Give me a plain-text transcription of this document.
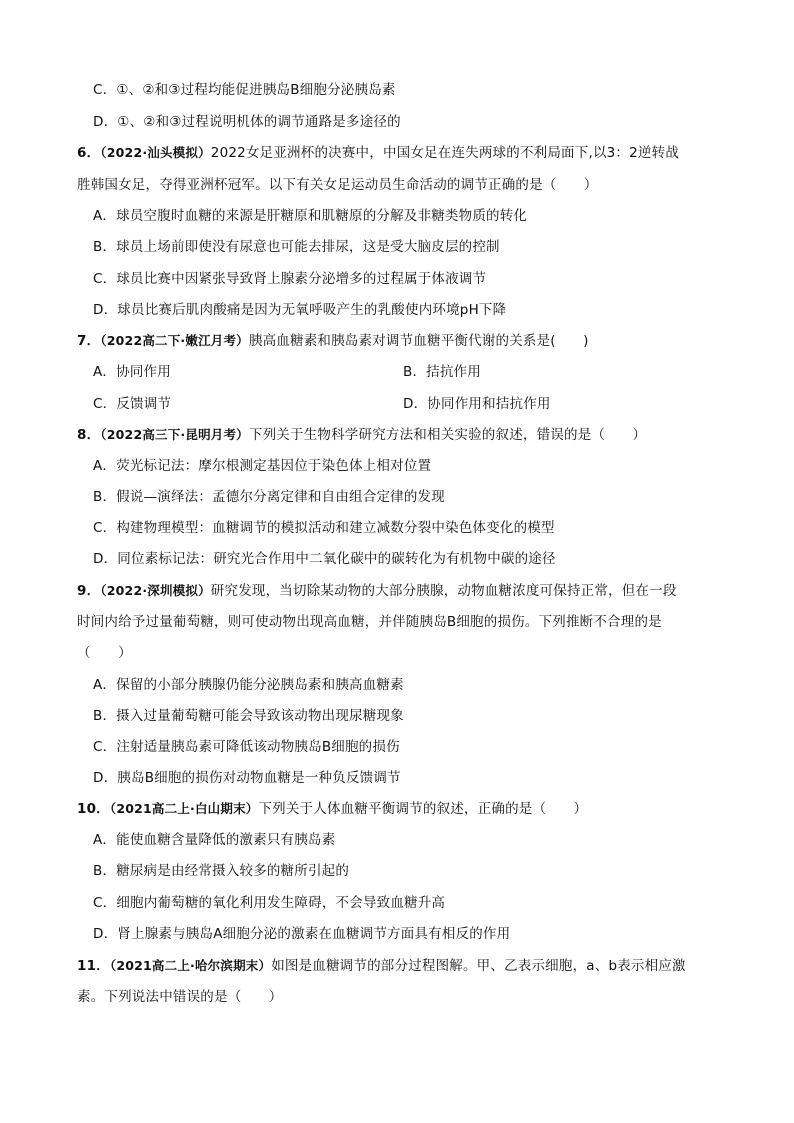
C．①、②和③过程均能促进胰岛B细胞分泌胰岛素
D．①、②和③过程说明机体的调节通路是多途径的
6．（2022·汕头模拟）2022女足亚洲杯的决赛中，中国女足在连失两球的不利局面下,以3：2逆转战
胜韩国女足，夺得亚洲杯冠军。以下有关女足运动员生命活动的调节正确的是（　　）
A．球员空腹时血糖的来源是肝糖原和肌糖原的分解及非糖类物质的转化
B．球员上场前即使没有尿意也可能去排尿，这是受大脑皮层的控制
C．球员比赛中因紧张导致肾上腺素分泌增多的过程属于体液调节
D．球员比赛后肌肉酸痛是因为无氧呼吸产生的乳酸使内环境pH下降
7．（2022高二下·嫩江月考）胰高血糖素和胰岛素对调节血糖平衡代谢的关系是(　　)
A．协同作用	B．拮抗作用
C．反馈调节	D．协同作用和拮抗作用
8．（2022高三下·昆明月考）下列关于生物科学研究方法和相关实验的叙述，错误的是（　　）
A．荧光标记法：摩尔根测定基因位于染色体上相对位置
B．假说—演绎法：孟德尔分离定律和自由组合定律的发现
C．构建物理模型：血糖调节的模拟活动和建立减数分裂中染色体变化的模型
D．同位素标记法：研究光合作用中二氧化碳中的碳转化为有机物中碳的途径
9．（2022·深圳模拟）研究发现，当切除某动物的大部分胰腺，动物血糖浓度可保持正常，但在一段
时间内给予过量葡萄糖，则可使动物出现高血糖，并伴随胰岛B细胞的损伤。下列推断不合理的是
（　　）
A．保留的小部分胰腺仍能分泌胰岛素和胰高血糖素
B．摄入过量葡萄糖可能会导致该动物出现尿糖现象
C．注射适量胰岛素可降低该动物胰岛B细胞的损伤
D．胰岛B细胞的损伤对动物血糖是一种负反馈调节
10．（2021高二上·白山期末）下列关于人体血糖平衡调节的叙述，正确的是（　　）
A．能使血糖含量降低的激素只有胰岛素
B．糖尿病是由经常摄入较多的糖所引起的
C．细胞内葡萄糖的氧化利用发生障碍，不会导致血糖升高
D．肾上腺素与胰岛A细胞分泌的激素在血糖调节方面具有相反的作用
11．（2021高二上·哈尔滨期末）如图是血糖调节的部分过程图解。甲、乙表示细胞，a、b表示相应激
素。下列说法中错误的是（　　）
